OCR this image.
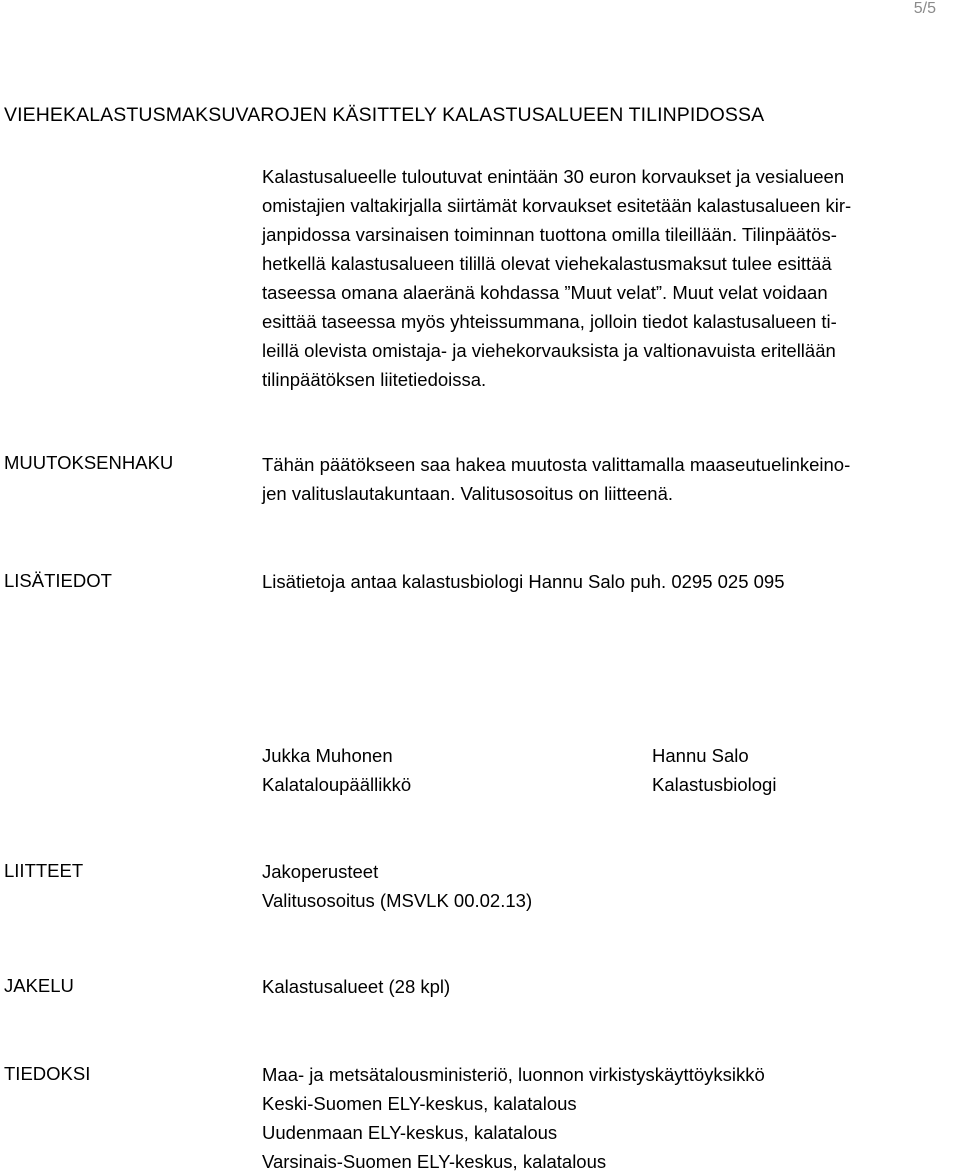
5/5
VIEHEKALASTUSMAKSUVAROJEN KÄSITTELY KALASTUSALUEEN TILINPIDOSSA
Kalastusalueelle tuloutuvat enintään 30 euron korvaukset ja vesialueen
omistajien valtakirjalla siirtämät korvaukset esitetään kalastusalueen kir-
janpidossa varsinaisen toiminnan tuottona omilla tileillään. Tilinpäätös-
hetkellä kalastusalueen tilillä olevat viehekalastusmaksut tulee esittää
taseessa omana alaeränä kohdassa ”Muut velat”. Muut velat voidaan
esittää taseessa myös yhteissummana, jolloin tiedot kalastusalueen ti-
leillä olevista omistaja- ja viehekorvauksista ja valtionavuista eritellään
tilinpäätöksen liitetiedoissa.
MUUTOKSENHAKU	Tähän päätökseen saa hakea muutosta valittamalla maaseutuelinkeino-
jen valituslautakuntaan. Valitusosoitus on liitteenä.
LISÄTIEDOT	Lisätietoja antaa kalastusbiologi Hannu Salo puh. 0295 025 095
Jukka Muhonen
Kalataloupäällikkö
Hannu Salo
Kalastusbiologi
LIITTEET	Jakoperusteet
Valitusosoitus (MSVLK 00.02.13)
JAKELU	Kalastusalueet (28 kpl)
TIEDOKSI	Maa- ja metsätalousministeriö, luonnon virkistyskäyttöyksikkö
Keski-Suomen ELY-keskus, kalatalous
Uudenmaan ELY-keskus, kalatalous
Varsinais-Suomen ELY-keskus, kalatalous
